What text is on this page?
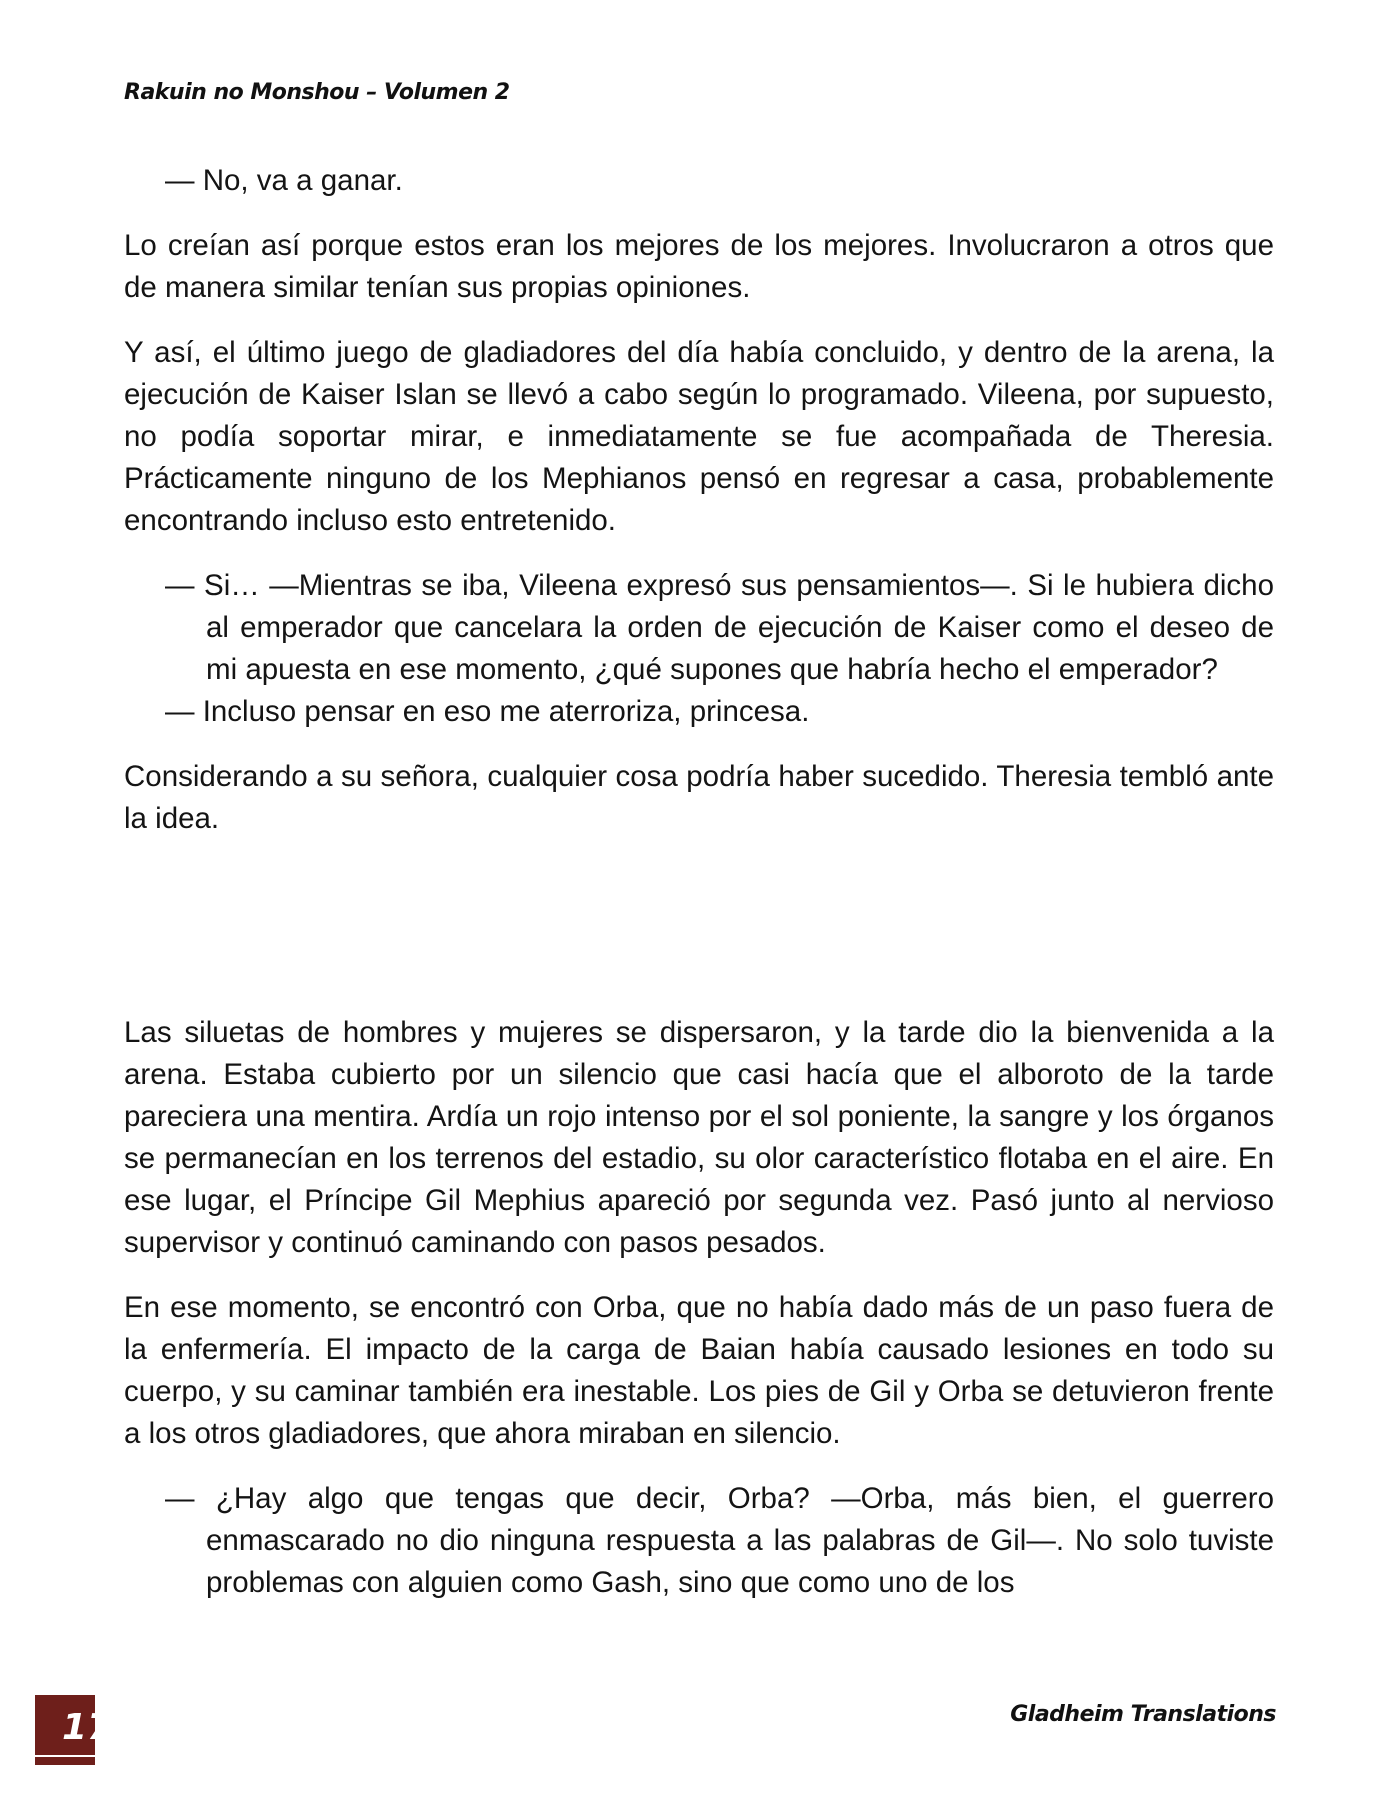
Rakuin no Monshou – Volumen 2

— No, va a ganar.

Lo creían así porque estos eran los mejores de los mejores. Involucraron a otros que de manera similar tenían sus propias opiniones.

Y así, el último juego de gladiadores del día había concluido, y dentro de la arena, la ejecución de Kaiser Islan se llevó a cabo según lo programado. Vileena, por supuesto, no podía soportar mirar, e inmediatamente se fue acompañada de Theresia. Prácticamente ninguno de los Mephianos pensó en regresar a casa, probablemente encontrando incluso esto entretenido.

— Si… —Mientras se iba, Vileena expresó sus pensamientos—. Si le hubiera dicho al emperador que cancelara la orden de ejecución de Kaiser como el deseo de mi apuesta en ese momento, ¿qué supones que habría hecho el emperador?

— Incluso pensar en eso me aterroriza, princesa.

Considerando a su señora, cualquier cosa podría haber sucedido. Theresia tembló ante la idea.

Las siluetas de hombres y mujeres se dispersaron, y la tarde dio la bienvenida a la arena. Estaba cubierto por un silencio que casi hacía que el alboroto de la tarde pareciera una mentira. Ardía un rojo intenso por el sol poniente, la sangre y los órganos se permanecían en los terrenos del estadio, su olor característico flotaba en el aire. En ese lugar, el Príncipe Gil Mephius apareció por segunda vez. Pasó junto al nervioso supervisor y continuó caminando con pasos pesados.

En ese momento, se encontró con Orba, que no había dado más de un paso fuera de la enfermería. El impacto de la carga de Baian había causado lesiones en todo su cuerpo, y su caminar también era inestable. Los pies de Gil y Orba se detuvieron frente a los otros gladiadores, que ahora miraban en silencio.

— ¿Hay algo que tengas que decir, Orba? —Orba, más bien, el guerrero enmascarado no dio ninguna respuesta a las palabras de Gil—. No solo tuviste problemas con alguien como Gash, sino que como uno de los

17	Gladheim Translations
